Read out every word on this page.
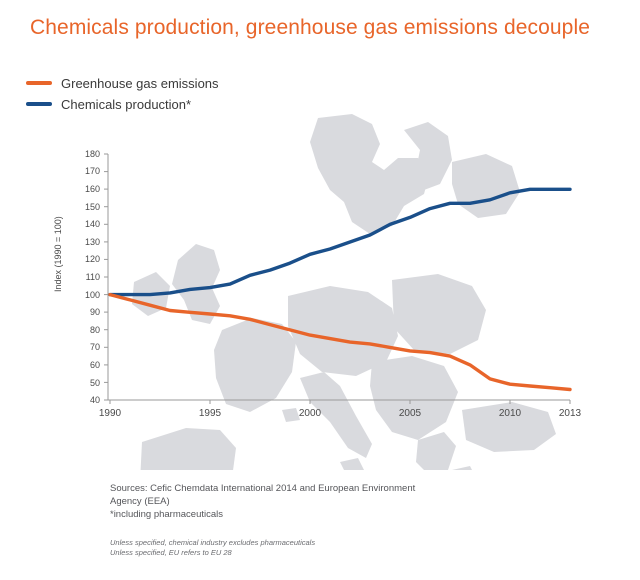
Chemicals production, greenhouse gas emissions decouple
Greenhouse gas emissions
Chemicals production*
Index (1990 = 100)
180
170
160
150
140
130
120
110
100
90
80
70
60
50
40
1990	1995	2000	2005	2010	2013
Sources: Cefic Chemdata International 2014 and European Environment
Agency (EEA)
*including pharmaceuticals
Unless specified, chemical industry excludes pharmaceuticals
Unless specified, EU refers to EU 28
